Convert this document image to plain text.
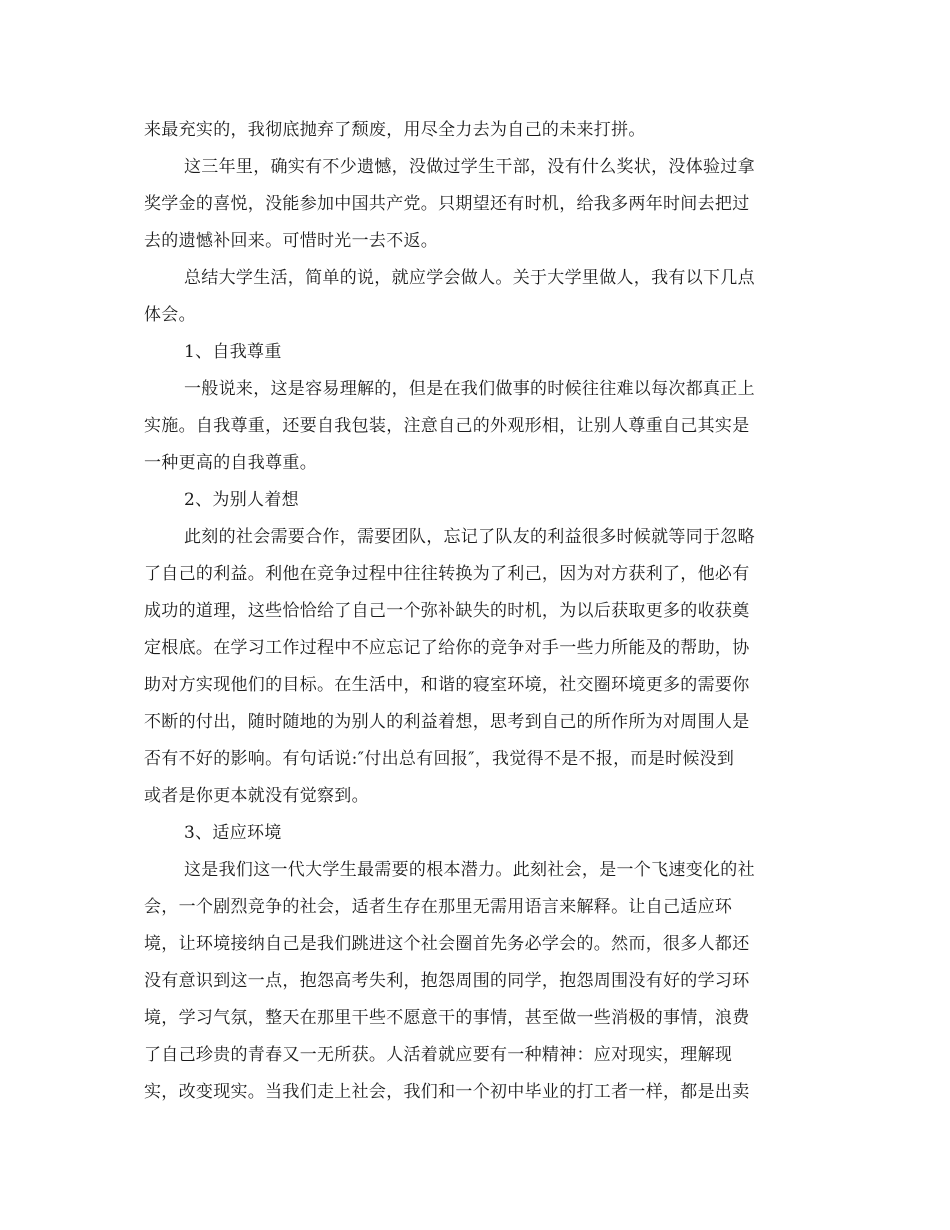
来最充实的，我彻底抛弃了颓废，用尽全力去为自己的未来打拼。
这三年里，确实有不少遗憾，没做过学生干部，没有什么奖状，没体验过拿
奖学金的喜悦，没能参加中国共产党。只期望还有时机，给我多两年时间去把过
去的遗憾补回来。可惜时光一去不返。
总结大学生活，简单的说，就应学会做人。关于大学里做人，我有以下几点
体会。
1、自我尊重
一般说来，这是容易理解的，但是在我们做事的时候往往难以每次都真正上
实施。自我尊重，还要自我包装，注意自己的外观形相，让别人尊重自己其实是
一种更高的自我尊重。
2、为别人着想
此刻的社会需要合作，需要团队，忘记了队友的利益很多时候就等同于忽略
了自己的利益。利他在竞争过程中往往转换为了利己，因为对方获利了，他必有
成功的道理，这些恰恰给了自己一个弥补缺失的时机，为以后获取更多的收获奠
定根底。在学习工作过程中不应忘记了给你的竞争对手一些力所能及的帮助，协
助对方实现他们的目标。在生活中，和谐的寝室环境，社交圈环境更多的需要你
不断的付出，随时随地的为别人的利益着想，思考到自己的所作所为对周围人是
否有不好的影响。有句话说:″付出总有回报″，我觉得不是不报，而是时候没到
或者是你更本就没有觉察到。
3、适应环境
这是我们这一代大学生最需要的根本潜力。此刻社会，是一个飞速变化的社
会，一个剧烈竞争的社会，适者生存在那里无需用语言来解释。让自己适应环
境，让环境接纳自己是我们跳进这个社会圈首先务必学会的。然而，很多人都还
没有意识到这一点，抱怨高考失利，抱怨周围的同学，抱怨周围没有好的学习环
境，学习气氛，整天在那里干些不愿意干的事情，甚至做一些消极的事情，浪费
了自己珍贵的青春又一无所获。人活着就应要有一种精神：应对现实，理解现
实，改变现实。当我们走上社会，我们和一个初中毕业的打工者一样，都是出卖
